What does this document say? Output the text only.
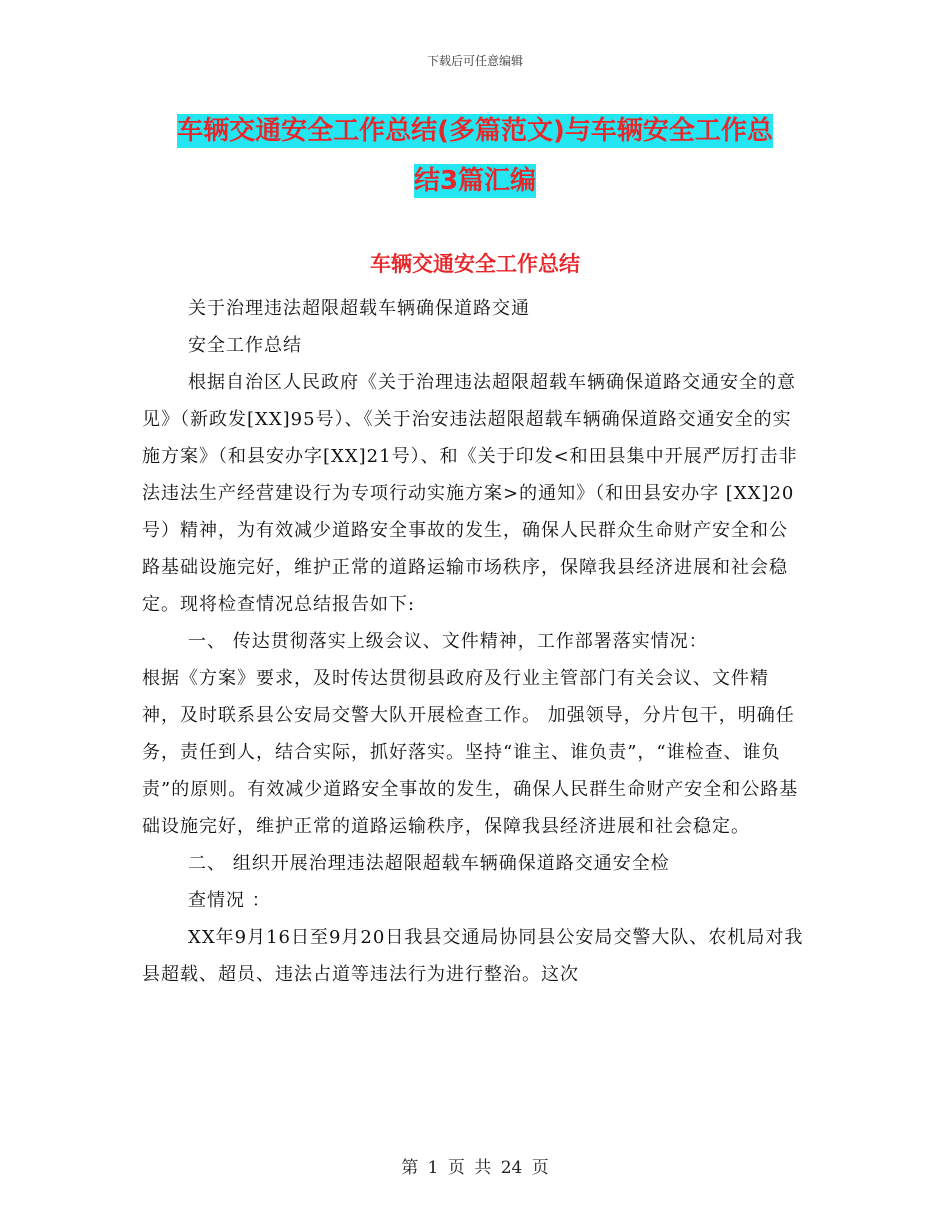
下载后可任意编辑
车辆交通安全工作总结(多篇范文)与车辆安全工作总
结3篇汇编
车辆交通安全工作总结

关于治理违法超限超载车辆确保道路交通

安全工作总结

根据自治区人民政府《关于治理违法超限超载车辆确保道路交通安全的意见》（新政发[XX]95号）、《关于治安违法超限超载车辆确保道路交通安全的实施方案》（和县安办字[XX]21号）、和《关于印发<和田县集中开展严厉打击非法违法生产经营建设行为专项行动实施方案>的通知》（和田县安办字 [XX]20 号）精神，为有效减少道路安全事故的发生，确保人民群众生命财产安全和公路基础设施完好，维护正常的道路运输市场秩序，保障我县经济进展和社会稳定。现将检查情况总结报告如下:

一、 传达贯彻落实上级会议、文件精神，工作部署落实情况：

根据《方案》要求，及时传达贯彻县政府及行业主管部门有关会议、文件精神，及时联系县公安局交警大队开展检查工作。 加强领导，分片包干，明确任务，责任到人，结合实际，抓好落实。坚持“谁主、谁负责”，“谁检查、谁负责”的原则。有效减少道路安全事故的发生，确保人民群生命财产安全和公路基础设施完好，维护正常的道路运输秩序，保障我县经济进展和社会稳定。

二、 组织开展治理违法超限超载车辆确保道路交通安全检

查情况 ：

XX年9月16日至9月20日我县交通局协同县公安局交警大队、农机局对我县超载、超员、违法占道等违法行为进行整治。这次

第 1 页 共 24 页
